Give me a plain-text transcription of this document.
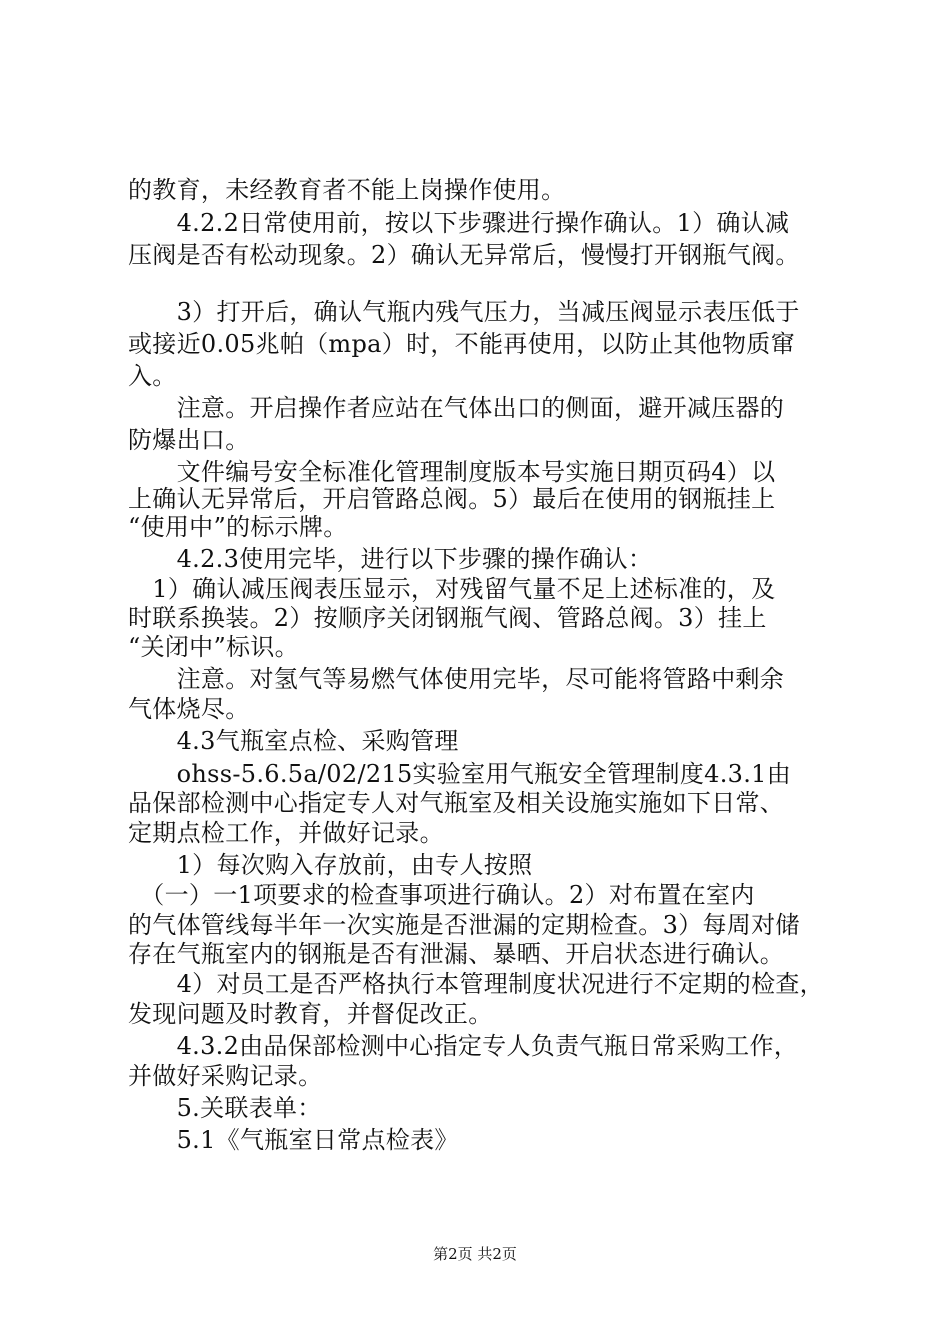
的教育，未经教育者不能上岗操作使用。
　　4.2.2日常使用前，按以下步骤进行操作确认。1）确认减
压阀是否有松动现象。2）确认无异常后，慢慢打开钢瓶气阀。
　　3）打开后，确认气瓶内残气压力，当减压阀显示表压低于
或接近0.05兆帕（mpa）时，不能再使用，以防止其他物质窜
入。
　　注意。开启操作者应站在气体出口的侧面，避开减压器的
防爆出口。
　　文件编号安全标准化管理制度版本号实施日期页码4）以
上确认无异常后，开启管路总阀。5）最后在使用的钢瓶挂上
“使用中”的标示牌。
　　4.2.3使用完毕，进行以下步骤的操作确认：
　1）确认减压阀表压显示，对残留气量不足上述标准的，及
时联系换装。2）按顺序关闭钢瓶气阀、管路总阀。3）挂上
“关闭中”标识。
　　注意。对氢气等易燃气体使用完毕，尽可能将管路中剩余
气体烧尽。
　　4.3气瓶室点检、采购管理
　　ohss-5.6.5a/02/215实验室用气瓶安全管理制度4.3.1由
品保部检测中心指定专人对气瓶室及相关设施实施如下日常、
定期点检工作，并做好记录。
　　1）每次购入存放前，由专人按照
　（一）一1项要求的检查事项进行确认。2）对布置在室内
的气体管线每半年一次实施是否泄漏的定期检查。3）每周对储
存在气瓶室内的钢瓶是否有泄漏、暴晒、开启状态进行确认。
　　4）对员工是否严格执行本管理制度状况进行不定期的检查，
发现问题及时教育，并督促改正。
　　4.3.2由品保部检测中心指定专人负责气瓶日常采购工作，
并做好采购记录。
　　5.关联表单：
　　5.1《气瓶室日常点检表》
第2页 共2页
